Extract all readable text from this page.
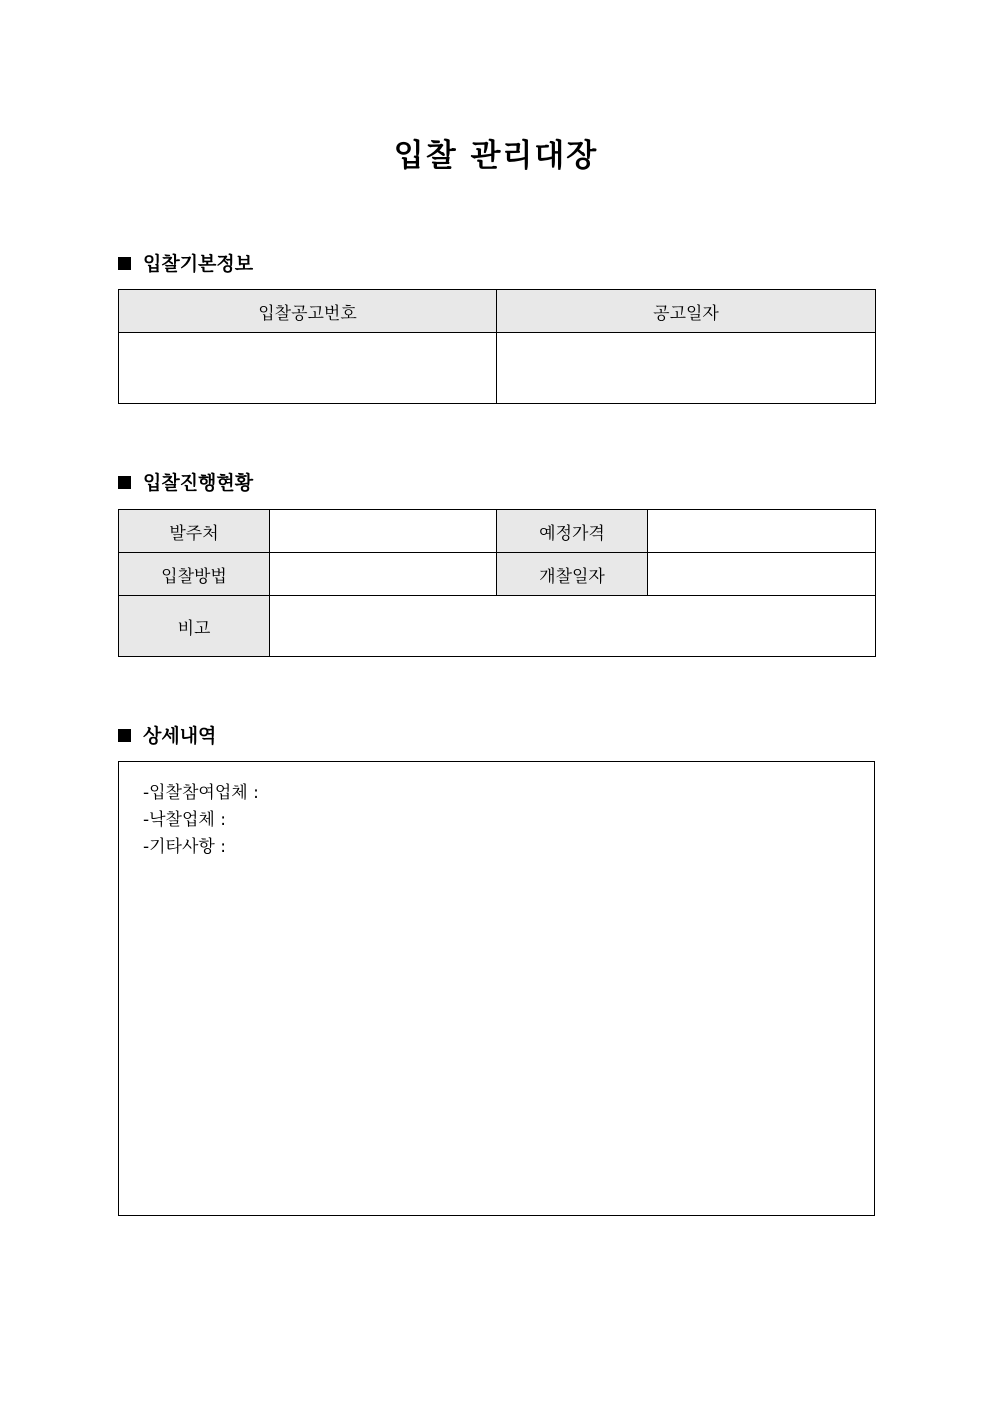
입찰 관리대장
입찰기본정보
입찰공고번호	공고일자

입찰진행현황
발주처		예정가격	
입찰방법		개찰일자	
비고			
상세내역
-입찰참여업체 :
-낙찰업체 :
-기타사항 :
